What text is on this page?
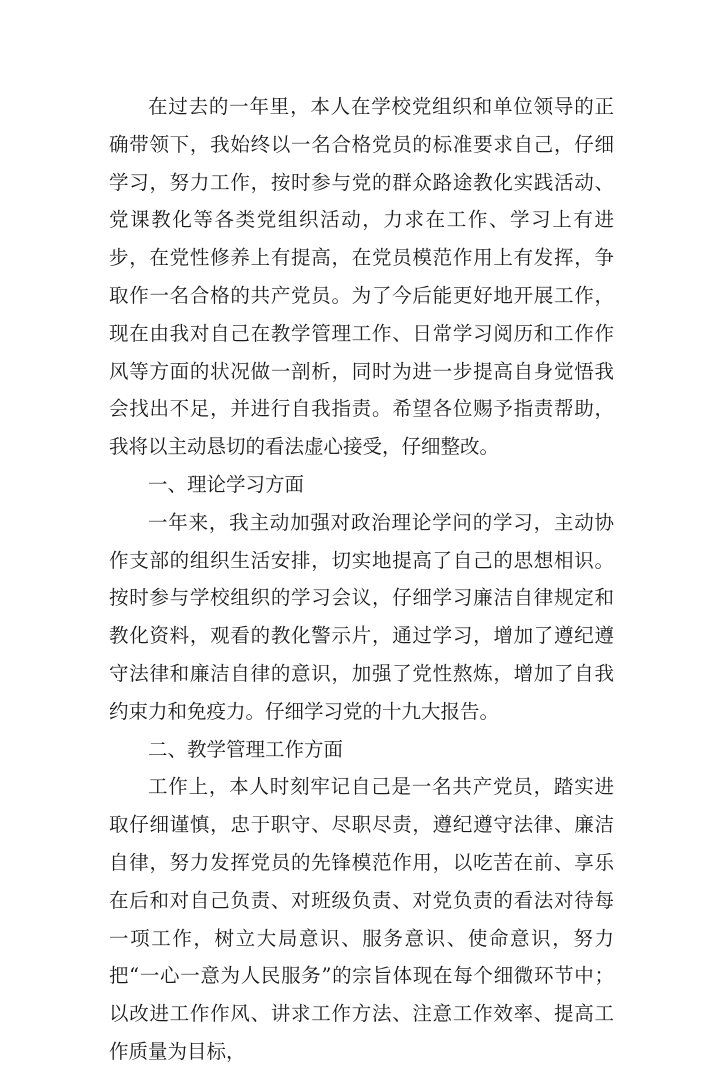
在过去的一年里，本人在学校党组织和单位领导的正确带领下，我始终以一名合格党员的标准要求自己，仔细学习，努力工作，按时参与党的群众路途教化实践活动、党课教化等各类党组织活动，力求在工作、学习上有进步，在党性修养上有提高，在党员模范作用上有发挥，争取作一名合格的共产党员。为了今后能更好地开展工作，现在由我对自己在教学管理工作、日常学习阅历和工作作风等方面的状况做一剖析，同时为进一步提高自身觉悟我会找出不足，并进行自我指责。希望各位赐予指责帮助，我将以主动恳切的看法虚心接受，仔细整改。

一、理论学习方面

一年来，我主动加强对政治理论学问的学习，主动协作支部的组织生活安排，切实地提高了自己的思想相识。按时参与学校组织的学习会议，仔细学习廉洁自律规定和教化资料，观看的教化警示片，通过学习，增加了遵纪遵守法律和廉洁自律的意识，加强了党性熬炼，增加了自我约束力和免疫力。仔细学习党的十九大报告。

二、教学管理工作方面

工作上，本人时刻牢记自己是一名共产党员，踏实进取仔细谨慎，忠于职守、尽职尽责，遵纪遵守法律、廉洁自律，努力发挥党员的先锋模范作用，以吃苦在前、享乐在后和对自己负责、对班级负责、对党负责的看法对待每一项工作，树立大局意识、服务意识、使命意识，努力把“一心一意为人民服务”的宗旨体现在每个细微环节中；以改进工作作风、讲求工作方法、注意工作效率、提高工作质量为目标，
